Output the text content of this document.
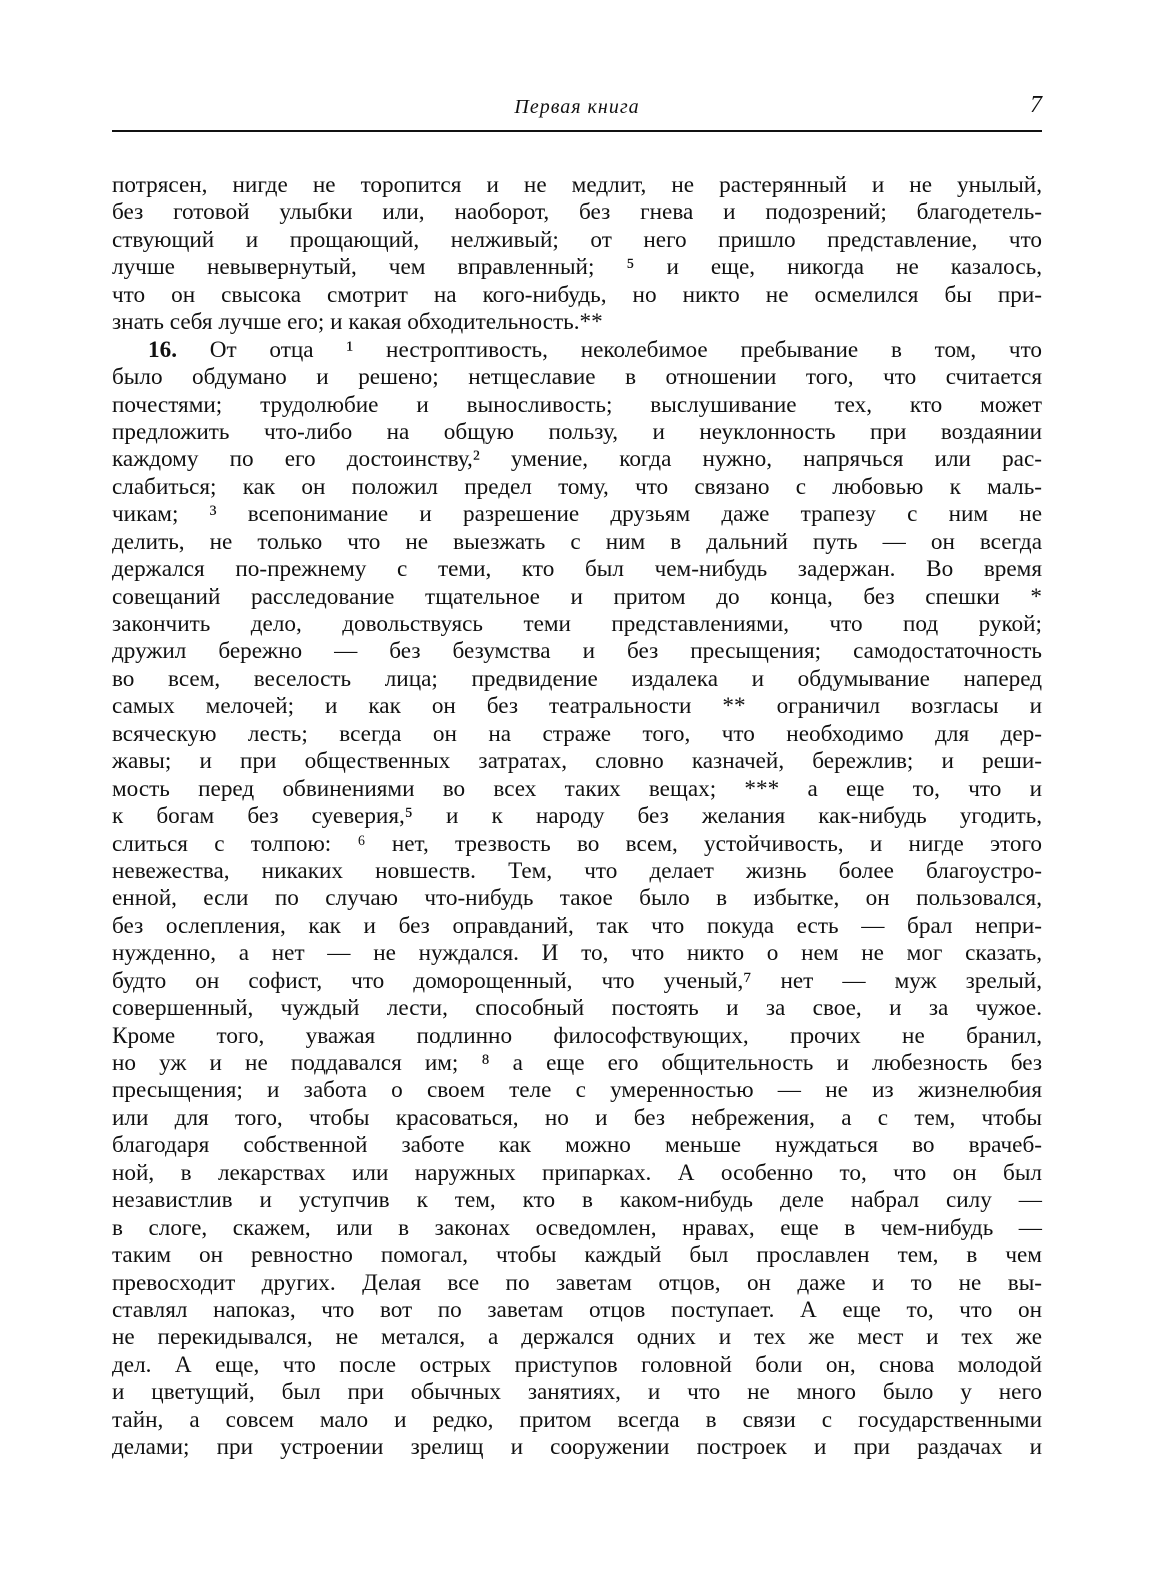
Первая книга	7
потрясен, нигде не торопится и не медлит, не растерянный и не унылый,
без готовой улыбки или, наоборот, без гнева и подозрений; благодетель-
ствующий и прощающий, нелживый; от него пришло представление, что
лучше невывернутый, чем вправленный; ⁵ и еще, никогда не казалось,
что он свысока смотрит на кого-нибудь, но никто не осмелился бы при-
знать себя лучше его; и какая обходительность.**
16. От отца ¹ нестроптивость, неколебимое пребывание в том, что
было обдумано и решено; нетщеславие в отношении того, что считается
почестями; трудолюбие и выносливость; выслушивание тех, кто может
предложить что-либо на общую пользу, и неуклонность при воздаянии
каждому по его достоинству,² умение, когда нужно, напрячься или рас-
слабиться; как он положил предел тому, что связано с любовью к маль-
чикам; ³ всепонимание и разрешение друзьям даже трапезу с ним не
делить, не только что не выезжать с ним в дальний путь — он всегда
держался по-прежнему с теми, кто был чем-нибудь задержан. Во время
совещаний расследование тщательное и притом до конца, без спешки *
закончить дело, довольствуясь теми представлениями, что под рукой;
дружил бережно — без безумства и без пресыщения; самодостаточность
во всем, веселость лица; предвидение издалека и обдумывание наперед
самых мелочей; и как он без театральности ** ограничил возгласы и
всяческую лесть; всегда он на страже того, что необходимо для дер-
жавы; и при общественных затратах, словно казначей, бережлив; и реши-
мость перед обвинениями во всех таких вещах; *** а еще то, что и
к богам без суеверия,⁵ и к народу без желания как-нибудь угодить,
слиться с толпою: ⁶ нет, трезвость во всем, устойчивость, и нигде этого
невежества, никаких новшеств. Тем, что делает жизнь более благоустро-
енной, если по случаю что-нибудь такое было в избытке, он пользовался,
без ослепления, как и без оправданий, так что покуда есть — брал непри-
нужденно, а нет — не нуждался. И то, что никто о нем не мог сказать,
будто он софист, что доморощенный, что ученый,⁷ нет — муж зрелый,
совершенный, чуждый лести, способный постоять и за свое, и за чужое.
Кроме того, уважая подлинно философствующих, прочих не бранил,
но уж и не поддавался им; ⁸ а еще его общительность и любезность без
пресыщения; и забота о своем теле с умеренностью — не из жизнелюбия
или для того, чтобы красоваться, но и без небрежения, а с тем, чтобы
благодаря собственной заботе как можно меньше нуждаться во врачеб-
ной, в лекарствах или наружных припарках. А особенно то, что он был
независтлив и уступчив к тем, кто в каком-нибудь деле набрал силу —
в слоге, скажем, или в законах осведомлен, нравах, еще в чем-нибудь —
таким он ревностно помогал, чтобы каждый был прославлен тем, в чем
превосходит других. Делая все по заветам отцов, он даже и то не вы-
ставлял напоказ, что вот по заветам отцов поступает. А еще то, что он
не перекидывался, не метался, а держался одних и тех же мест и тех же
дел. А еще, что после острых приступов головной боли он, снова молодой
и цветущий, был при обычных занятиях, и что не много было у него
тайн, а совсем мало и редко, притом всегда в связи с государственными
делами; при устроении зрелищ и сооружении построек и при раздачах и
